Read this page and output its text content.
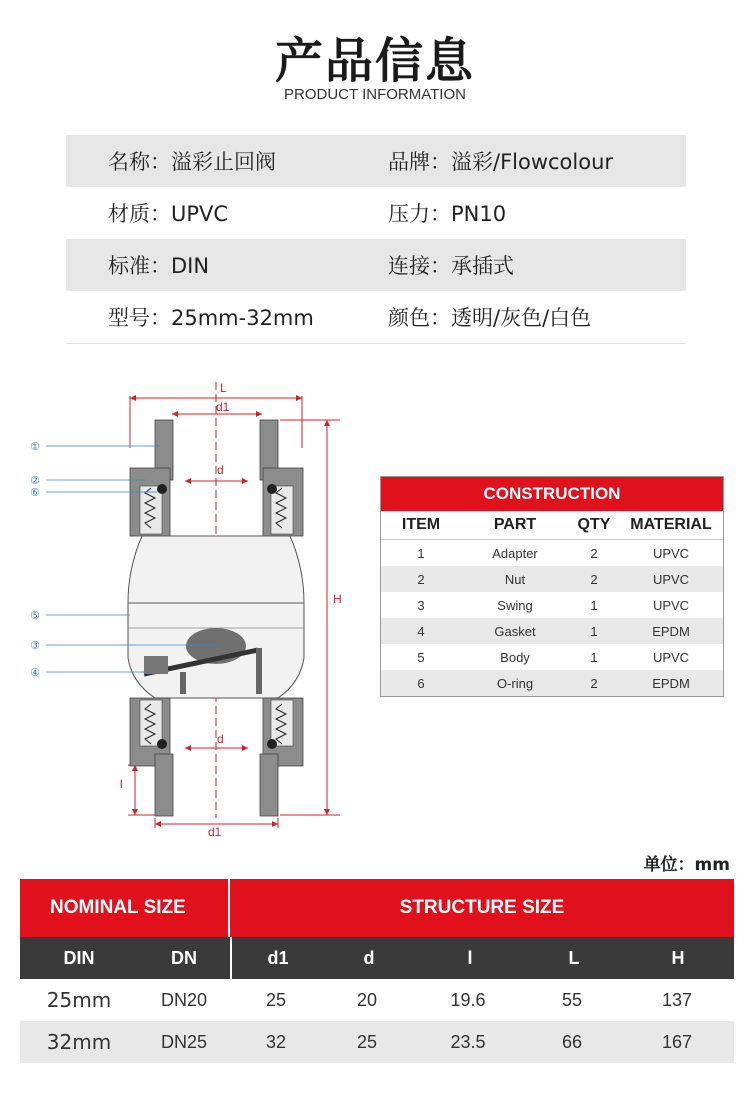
产品信息
PRODUCT INFORMATION
名称：溢彩止回阀	品牌：溢彩/Flowcolour
材质：UPVC	压力：PN10
标准：DIN	连接：承插式
型号：25mm-32mm	颜色：透明/灰色/白色
①
②
⑥
⑤
③
④
L
d1
d
H
d
l
d1
CONSTRUCTION
ITEM	PART	QTY	MATERIAL
1	Adapter	2	UPVC
2	Nut	2	UPVC
3	Swing	1	UPVC
4	Gasket	1	EPDM
5	Body	1	UPVC
6	O-ring	2	EPDM
单位：mm
NOMINAL SIZE	STRUCTURE SIZE
DIN	DN	d1	d	l	L	H
25mm	DN20	25	20	19.6	55	137
32mm	DN25	32	25	23.5	66	167
